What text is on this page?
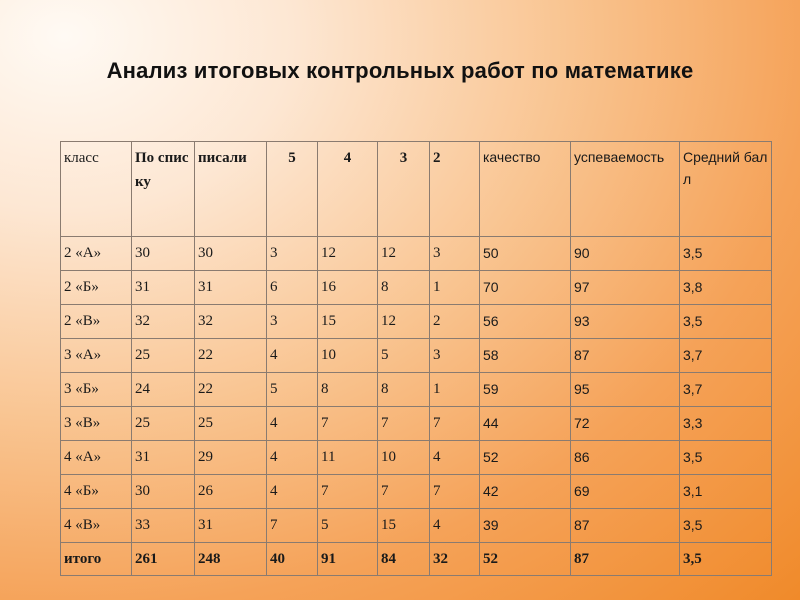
Анализ итоговых контрольных работ по математике
класс	По списку	писали	5	4	3	2	качество	успеваемость	Средний балл
2 «А»	30	30	3	12	12	3	50	90	3,5
2 «Б»	31	31	6	16	8	1	70	97	3,8
2 «В»	32	32	3	15	12	2	56	93	3,5
3 «А»	25	22	4	10	5	3	58	87	3,7
3 «Б»	24	22	5	8	8	1	59	95	3,7
3 «В»	25	25	4	7	7	7	44	72	3,3
4 «А»	31	29	4	11	10	4	52	86	3,5
4 «Б»	30	26	4	7	7	7	42	69	3,1
4 «В»	33	31	7	5	15	4	39	87	3,5
итого	261	248	40	91	84	32	52	87	3,5
